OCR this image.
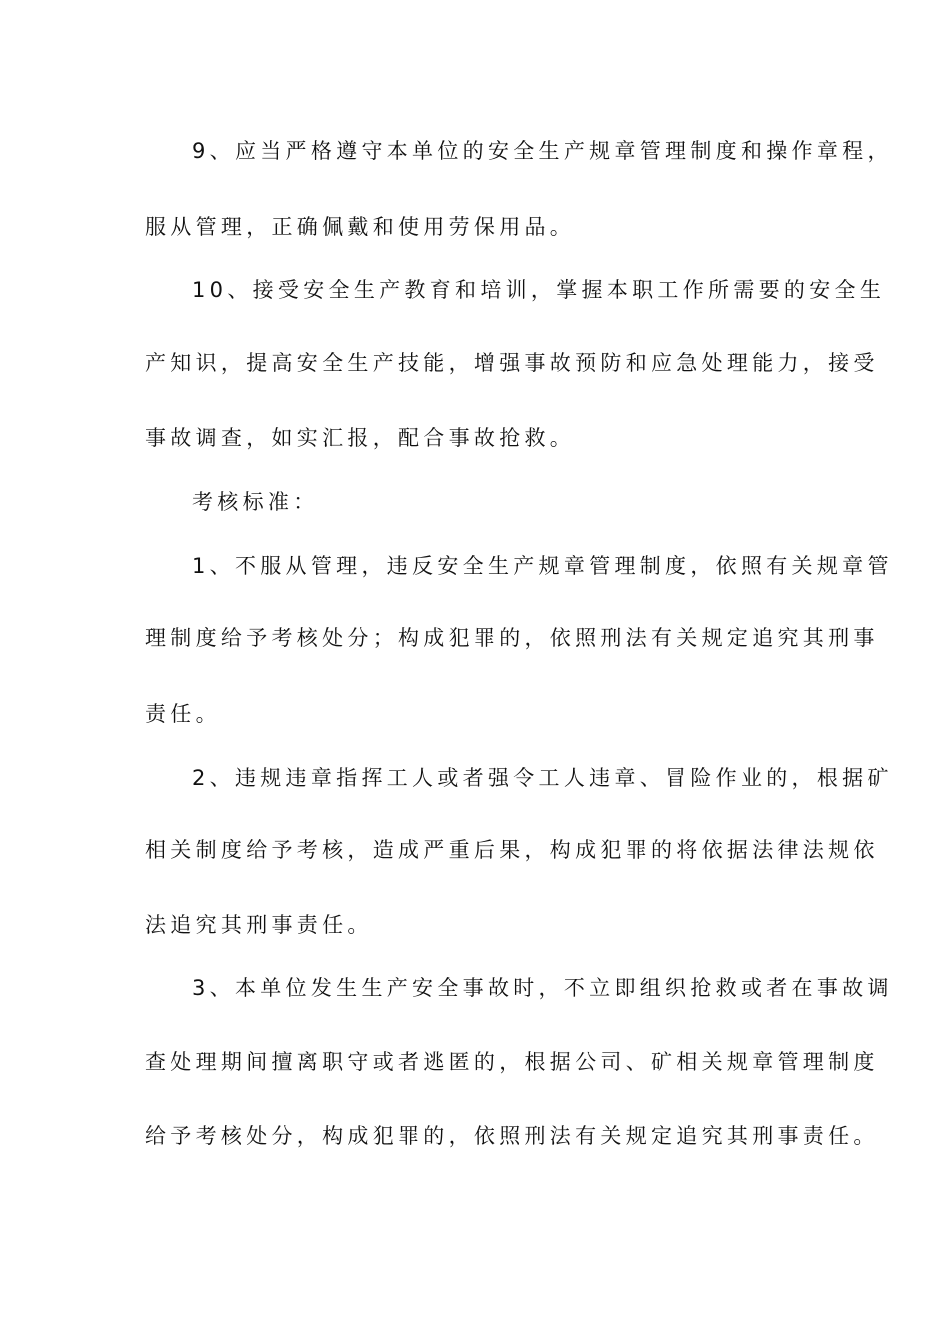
9、应当严格遵守本单位的安全生产规章管理制度和操作章程，
服从管理，正确佩戴和使用劳保用品。
10、接受安全生产教育和培训，掌握本职工作所需要的安全生
产知识，提高安全生产技能，增强事故预防和应急处理能力，接受
事故调查，如实汇报，配合事故抢救。
考核标准：
1、不服从管理，违反安全生产规章管理制度，依照有关规章管
理制度给予考核处分；构成犯罪的，依照刑法有关规定追究其刑事
责任。
2、违规违章指挥工人或者强令工人违章、冒险作业的，根据矿
相关制度给予考核，造成严重后果，构成犯罪的将依据法律法规依
法追究其刑事责任。
3、本单位发生生产安全事故时，不立即组织抢救或者在事故调
查处理期间擅离职守或者逃匿的，根据公司、矿相关规章管理制度
给予考核处分，构成犯罪的，依照刑法有关规定追究其刑事责任。
